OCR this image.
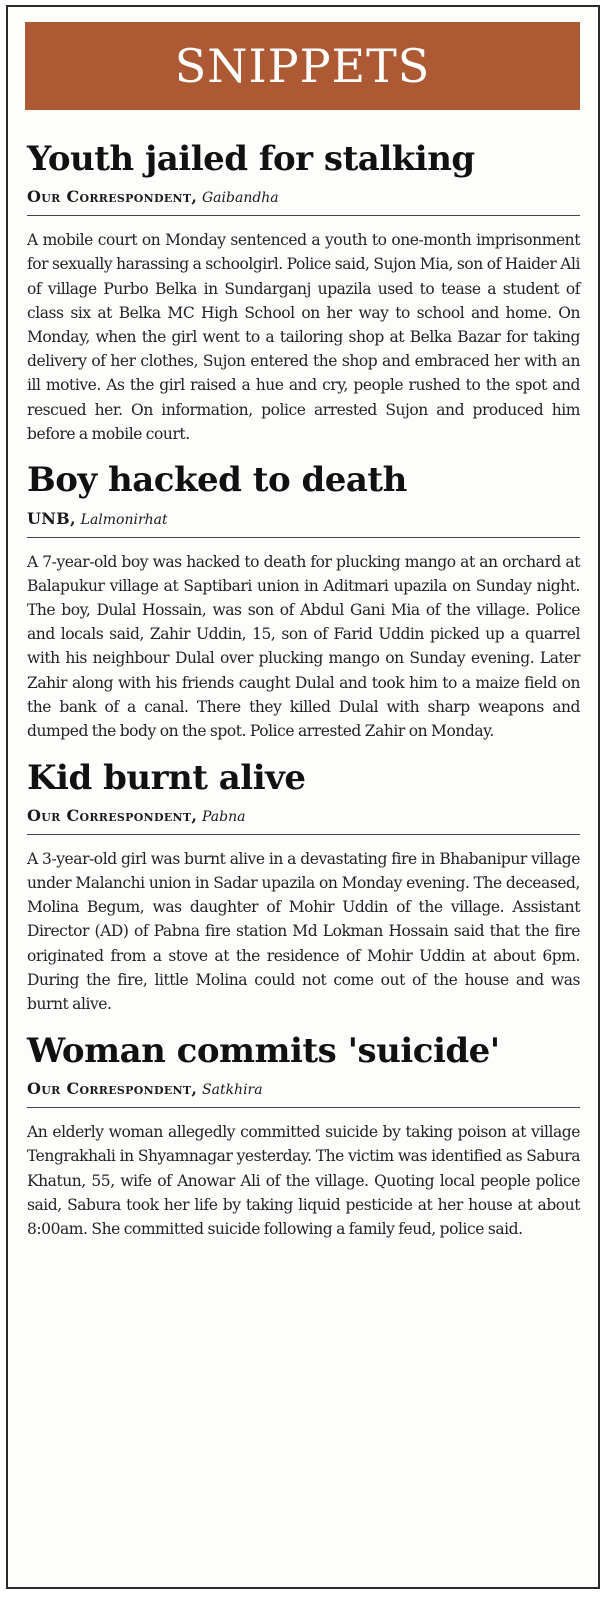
SNIPPETS
Youth jailed for stalking
Our Correspondent, Gaibandha

A mobile court on Monday sentenced a youth to one-month imprisonment for sexually harassing a schoolgirl. Police said, Sujon Mia, son of Haider Ali of village Purbo Belka in Sundarganj upazila used to tease a student of class six at Belka MC High School on her way to school and home. On Monday, when the girl went to a tailoring shop at Belka Bazar for taking delivery of her clothes, Sujon entered the shop and embraced her with an ill motive. As the girl raised a hue and cry, people rushed to the spot and rescued her. On information, police arrested Sujon and produced him before a mobile court.

Boy hacked to death
UNB, Lalmonirhat

A 7-year-old boy was hacked to death for plucking mango at an orchard at Balapukur village at Saptibari union in Aditmari upazila on Sunday night. The boy, Dulal Hossain, was son of Abdul Gani Mia of the village. Police and locals said, Zahir Uddin, 15, son of Farid Uddin picked up a quarrel with his neighbour Dulal over plucking mango on Sunday evening. Later Zahir along with his friends caught Dulal and took him to a maize field on the bank of a canal. There they killed Dulal with sharp weapons and dumped the body on the spot. Police arrested Zahir on Monday.

Kid burnt alive
Our Correspondent, Pabna

A 3-year-old girl was burnt alive in a devastating fire in Bhabanipur village under Malanchi union in Sadar upazila on Monday evening. The deceased, Molina Begum, was daughter of Mohir Uddin of the village. Assistant Director (AD) of Pabna fire station Md Lokman Hossain said that the fire originated from a stove at the residence of Mohir Uddin at about 6pm. During the fire, little Molina could not come out of the house and was burnt alive.

Woman commits 'suicide'
Our Correspondent, Satkhira

An elderly woman allegedly committed suicide by taking poison at village Tengrakhali in Shyamnagar yesterday. The victim was identified as Sabura Khatun, 55, wife of Anowar Ali of the village. Quoting local people police said, Sabura took her life by taking liquid pesticide at her house at about 8:00am. She committed suicide following a family feud, police said.
